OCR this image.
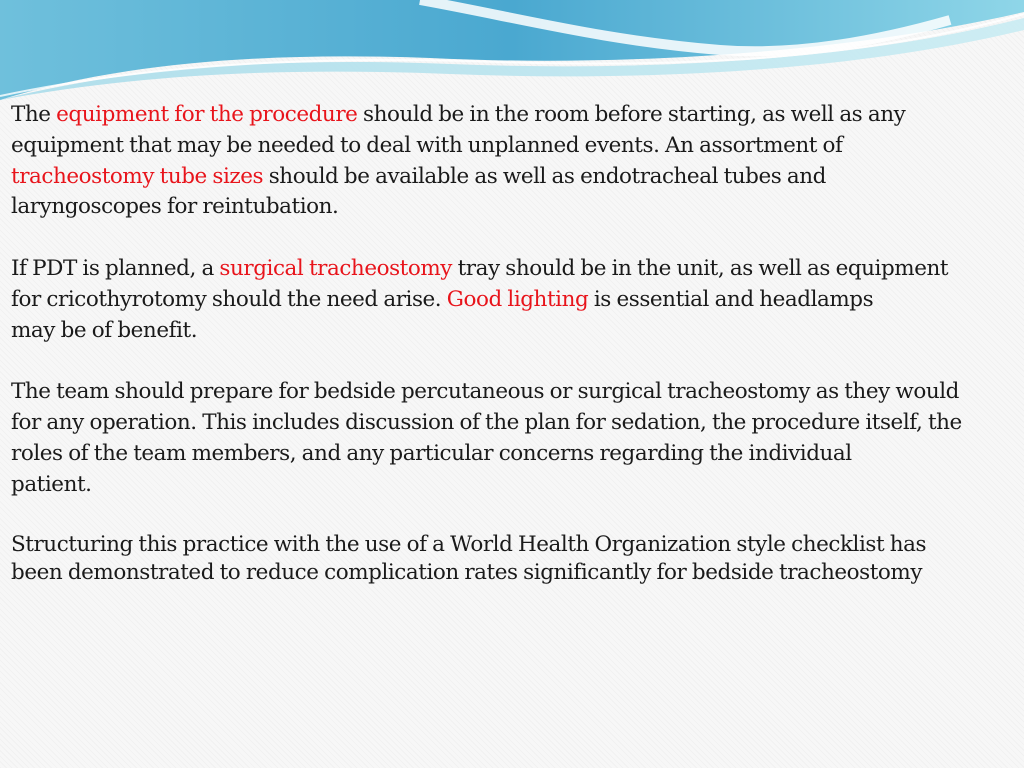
The equipment for the procedure should be in the room before starting, as well as any
equipment that may be needed to deal with unplanned events. An assortment of
tracheostomy tube sizes should be available as well as endotracheal tubes and
laryngoscopes for reintubation.
If PDT is planned, a surgical tracheostomy tray should be in the unit, as well as equipment
for cricothyrotomy should the need arise. Good lighting is essential and headlamps
may be of benefit.
The team should prepare for bedside percutaneous or surgical tracheostomy as they would
for any operation. This includes discussion of the plan for sedation, the procedure itself, the
roles of the team members, and any particular concerns regarding the individual
patient.
Structuring this practice with the use of a World Health Organization style checklist has
been demonstrated to reduce complication rates significantly for bedside tracheostomy
